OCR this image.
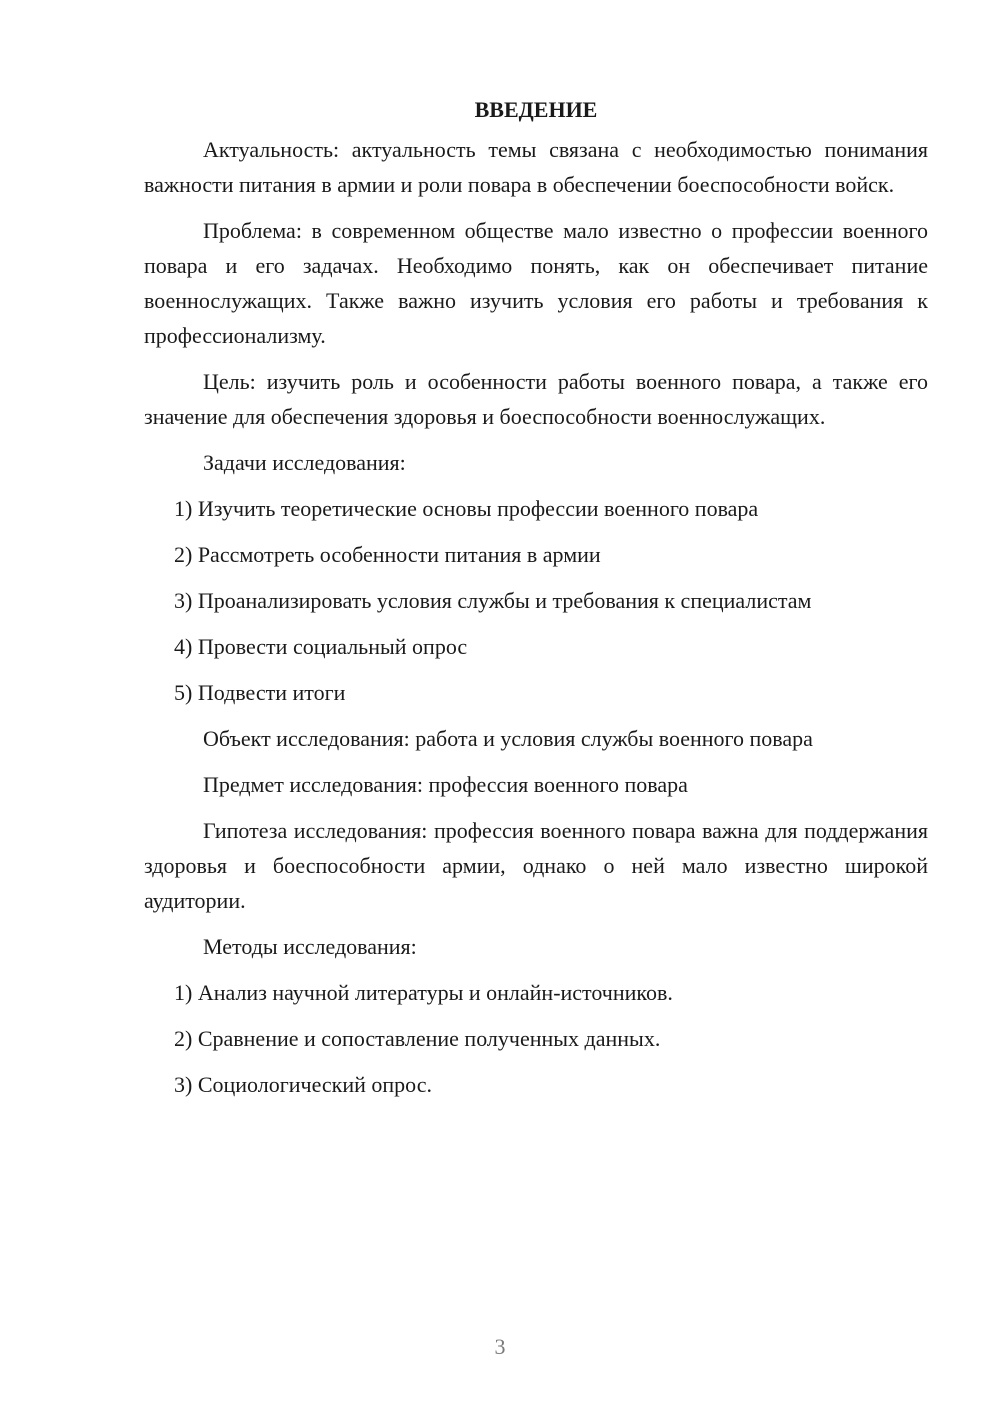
ВВЕДЕНИЕ

Актуальность: актуальность темы связана с необходимостью понимания важности питания в армии и роли повара в обеспечении боеспособности войск.

Проблема: в современном обществе мало известно о профессии военного повара и его задачах. Необходимо понять, как он обеспечивает питание военнослужащих. Также важно изучить условия его работы и требования к профессионализму.

Цель: изучить роль и особенности работы военного повара, а также его значение для обеспечения здоровья и боеспособности военнослужащих.

Задачи исследования:

1) Изучить теоретические основы профессии военного повара

2) Рассмотреть особенности питания в армии

3) Проанализировать условия службы и требования к специалистам

4) Провести социальный опрос

5) Подвести итоги

Объект исследования: работа и условия службы военного повара

Предмет исследования: профессия военного повара

Гипотеза исследования: профессия военного повара важна для поддержания здоровья и боеспособности армии, однако о ней мало известно широкой аудитории.

Методы исследования:

1) Анализ научной литературы и онлайн-источников.

2) Сравнение и сопоставление полученных данных.

3) Социологический опрос.

3
